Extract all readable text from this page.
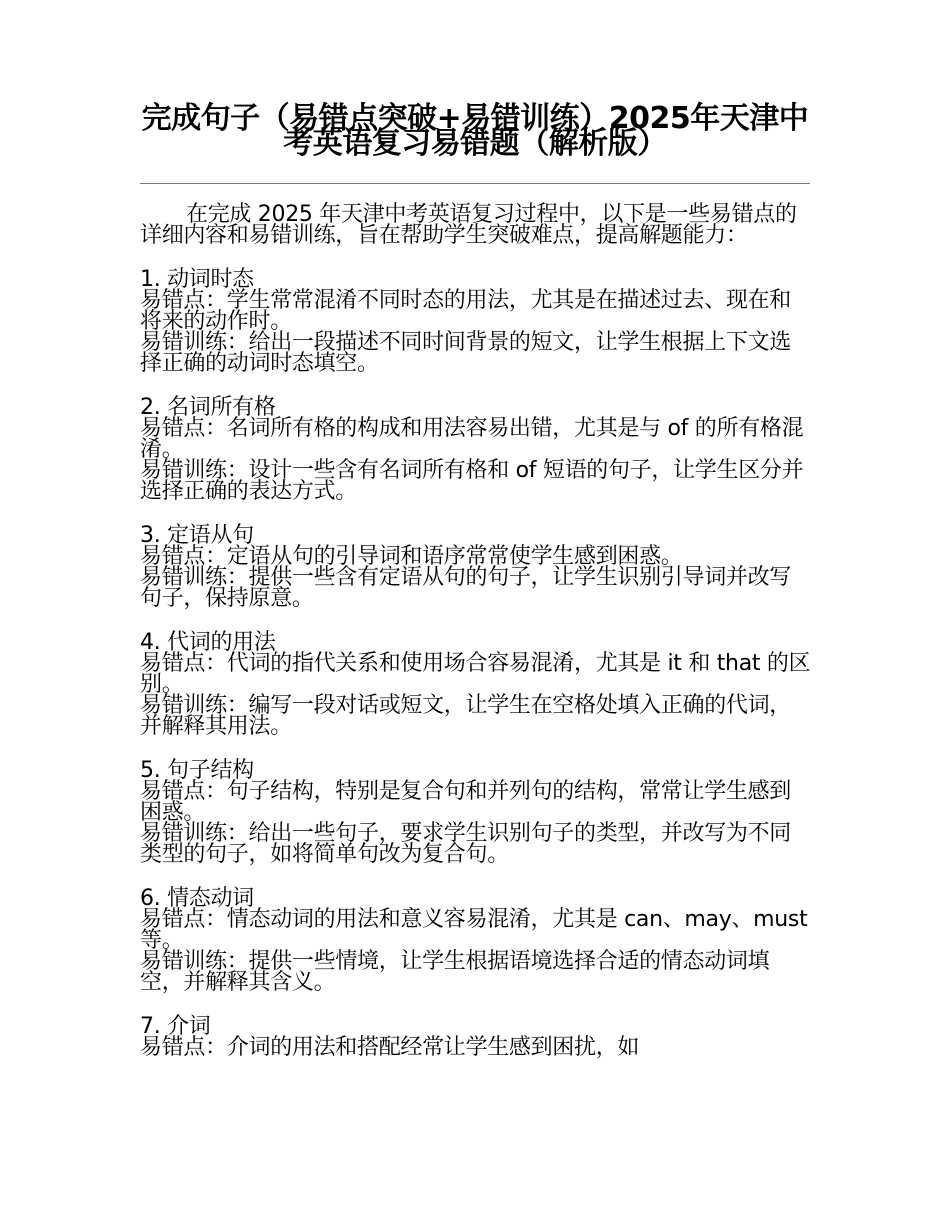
完成句子（易错点突破+易错训练）2025年天津中考英语复习易错题（解析版）

在完成 2025 年天津中考英语复习过程中，以下是一些易错点的详细内容和易错训练，旨在帮助学生突破难点，提高解题能力：

1. 动词时态

易错点：学生常常混淆不同时态的用法，尤其是在描述过去、现在和将来的动作时。

易错训练：给出一段描述不同时间背景的短文，让学生根据上下文选择正确的动词时态填空。

2. 名词所有格

易错点：名词所有格的构成和用法容易出错，尤其是与 of 的所有格混淆。

易错训练：设计一些含有名词所有格和 of 短语的句子，让学生区分并选择正确的表达方式。

3. 定语从句

易错点：定语从句的引导词和语序常常使学生感到困惑。

易错训练：提供一些含有定语从句的句子，让学生识别引导词并改写句子，保持原意。

4. 代词的用法

易错点：代词的指代关系和使用场合容易混淆，尤其是 it 和 that 的区别。

易错训练：编写一段对话或短文，让学生在空格处填入正确的代词，并解释其用法。

5. 句子结构

易错点：句子结构，特别是复合句和并列句的结构，常常让学生感到困惑。

易错训练：给出一些句子，要求学生识别句子的类型，并改写为不同类型的句子，如将简单句改为复合句。

6. 情态动词

易错点：情态动词的用法和意义容易混淆，尤其是 can、may、must 等。

易错训练：提供一些情境，让学生根据语境选择合适的情态动词填空，并解释其含义。

7. 介词

易错点：介词的用法和搭配经常让学生感到困扰，如
